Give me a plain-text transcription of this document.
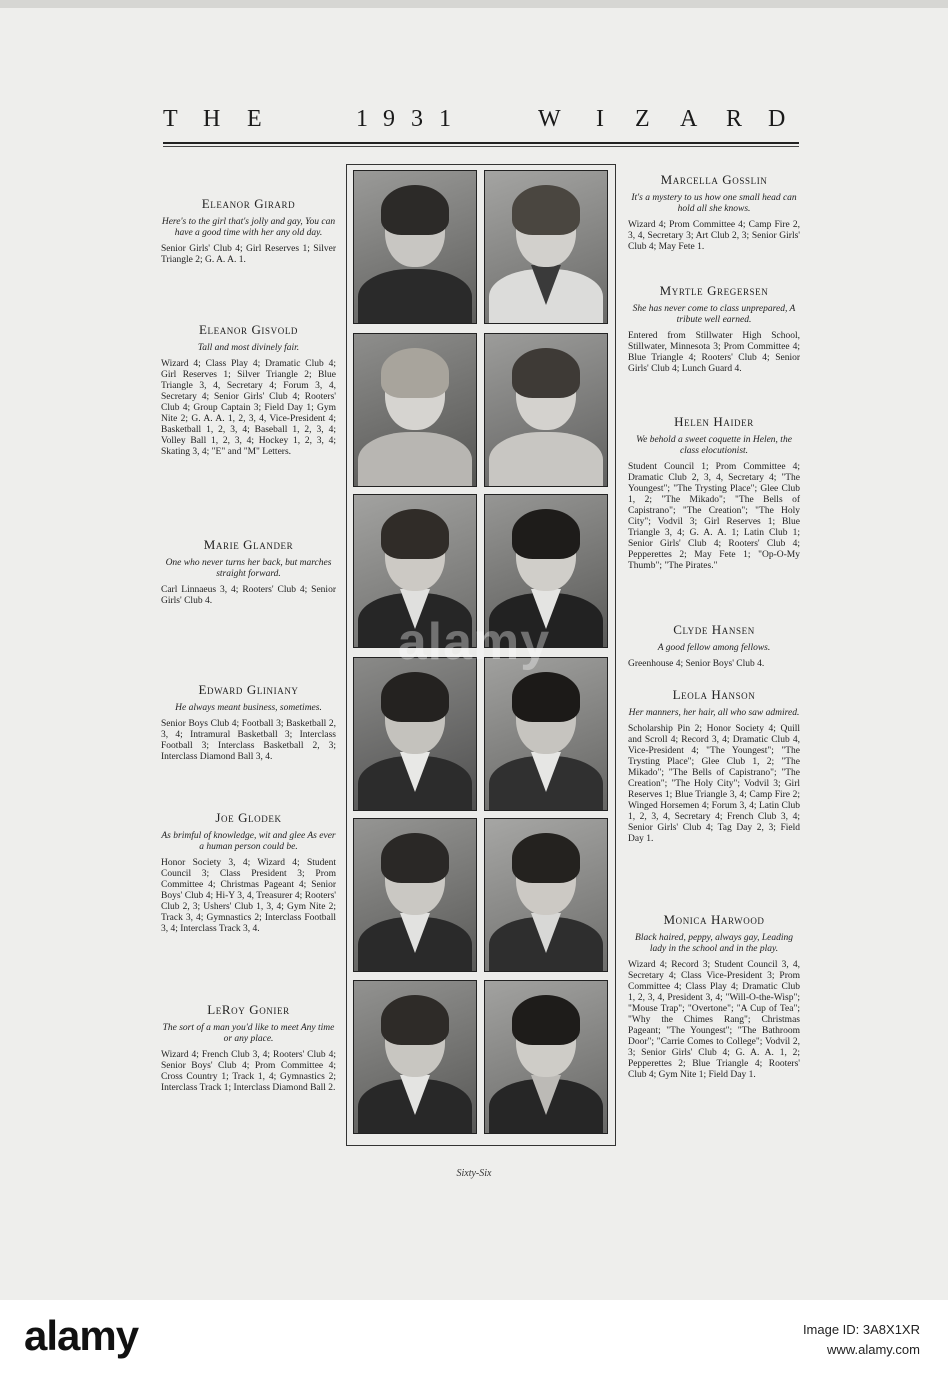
T H E	1 9 3 1	W I Z A R D
Eleanor Girard
Here's to the girl that's jolly and gay, You can have a good time with her any old day.
Senior Girls' Club 4; Girl Reserves 1; Silver Triangle 2; G. A. A. 1.
Eleanor Gisvold
Tall and most divinely fair.
Wizard 4; Class Play 4; Dramatic Club 4; Girl Reserves 1; Silver Triangle 2; Blue Triangle 3, 4, Secretary 4; Forum 3, 4, Secretary 4; Senior Girls' Club 4; Rooters' Club 4; Group Captain 3; Field Day 1; Gym Nite 2; G. A. A. 1, 2, 3, 4, Vice-President 4; Basketball 1, 2, 3, 4; Baseball 1, 2, 3, 4; Volley Ball 1, 2, 3, 4; Hockey 1, 2, 3, 4; Skating 3, 4; "E" and "M" Letters.
Marie Glander
One who never turns her back, but marches straight forward.
Carl Linnaeus 3, 4; Rooters' Club 4; Senior Girls' Club 4.
Edward Gliniany
He always meant business, sometimes.
Senior Boys Club 4; Football 3; Basketball 2, 3, 4; Intramural Basketball 3; Interclass Football 3; Interclass Basketball 2, 3; Interclass Diamond Ball 3, 4.
Joe Glodek
As brimful of knowledge, wit and glee As ever a human person could be.
Honor Society 3, 4; Wizard 4; Student Council 3; Class President 3; Prom Committee 4; Christmas Pageant 4; Senior Boys' Club 4; Hi-Y 3, 4, Treasurer 4; Rooters' Club 2, 3; Ushers' Club 1, 3, 4; Gym Nite 2; Track 3, 4; Gymnastics 2; Interclass Football 3, 4; Interclass Track 3, 4.
LeRoy Gonier
The sort of a man you'd like to meet Any time or any place.
Wizard 4; French Club 3, 4; Rooters' Club 4; Senior Boys' Club 4; Prom Committee 4; Cross Country 1; Track 1, 4; Gymnastics 2; Interclass Track 1; Interclass Diamond Ball 2.
Marcella Gosslin
It's a mystery to us how one small head can hold all she knows.
Wizard 4; Prom Committee 4; Camp Fire 2, 3, 4, Secretary 3; Art Club 2, 3; Senior Girls' Club 4; May Fete 1.
Myrtle Gregersen
She has never come to class unprepared, A tribute well earned.
Entered from Stillwater High School, Stillwater, Minnesota 3; Prom Committee 4; Blue Triangle 4; Rooters' Club 4; Senior Girls' Club 4; Lunch Guard 4.
Helen Haider
We behold a sweet coquette in Helen, the class elocutionist.
Student Council 1; Prom Committee 4; Dramatic Club 2, 3, 4, Secretary 4; "The Youngest"; "The Trysting Place"; Glee Club 1, 2; "The Mikado"; "The Bells of Capistrano"; "The Creation"; "The Holy City"; Vodvil 3; Girl Reserves 1; Blue Triangle 3, 4; G. A. A. 1; Latin Club 1; Senior Girls' Club 4; Rooters' Club 4; Pepperettes 2; May Fete 1; "Op-O-My Thumb"; "The Pirates."
Clyde Hansen
A good fellow among fellows.
Greenhouse 4; Senior Boys' Club 4.
Leola Hanson
Her manners, her hair, all who saw admired.
Scholarship Pin 2; Honor Society 4; Quill and Scroll 4; Record 3, 4; Dramatic Club 4, Vice-President 4; "The Youngest"; "The Trysting Place"; Glee Club 1, 2; "The Mikado"; "The Bells of Capistrano"; "The Creation"; "The Holy City"; Vodvil 3; Girl Reserves 1; Blue Triangle 3, 4; Camp Fire 2; Winged Horsemen 4; Forum 3, 4; Latin Club 1, 2, 3, 4, Secretary 4; French Club 3, 4; Senior Girls' Club 4; Tag Day 2, 3; Field Day 1.
Monica Harwood
Black haired, peppy, always gay, Leading lady in the school and in the play.
Wizard 4; Record 3; Student Council 3, 4, Secretary 4; Class Vice-President 3; Prom Committee 4; Class Play 4; Dramatic Club 1, 2, 3, 4, President 3, 4; "Will-O-the-Wisp"; "Mouse Trap"; "Overtone"; "A Cup of Tea"; "Why the Chimes Rang"; Christmas Pageant; "The Youngest"; "The Bathroom Door"; "Carrie Comes to College"; Vodvil 2, 3; Senior Girls' Club 4; G. A. A. 1, 2; Pepperettes 2; Blue Triangle 4; Rooters' Club 4; Gym Nite 1; Field Day 1.
Sixty-Six
alamy
alamy	Image ID: 3A8X1XR
www.alamy.com
